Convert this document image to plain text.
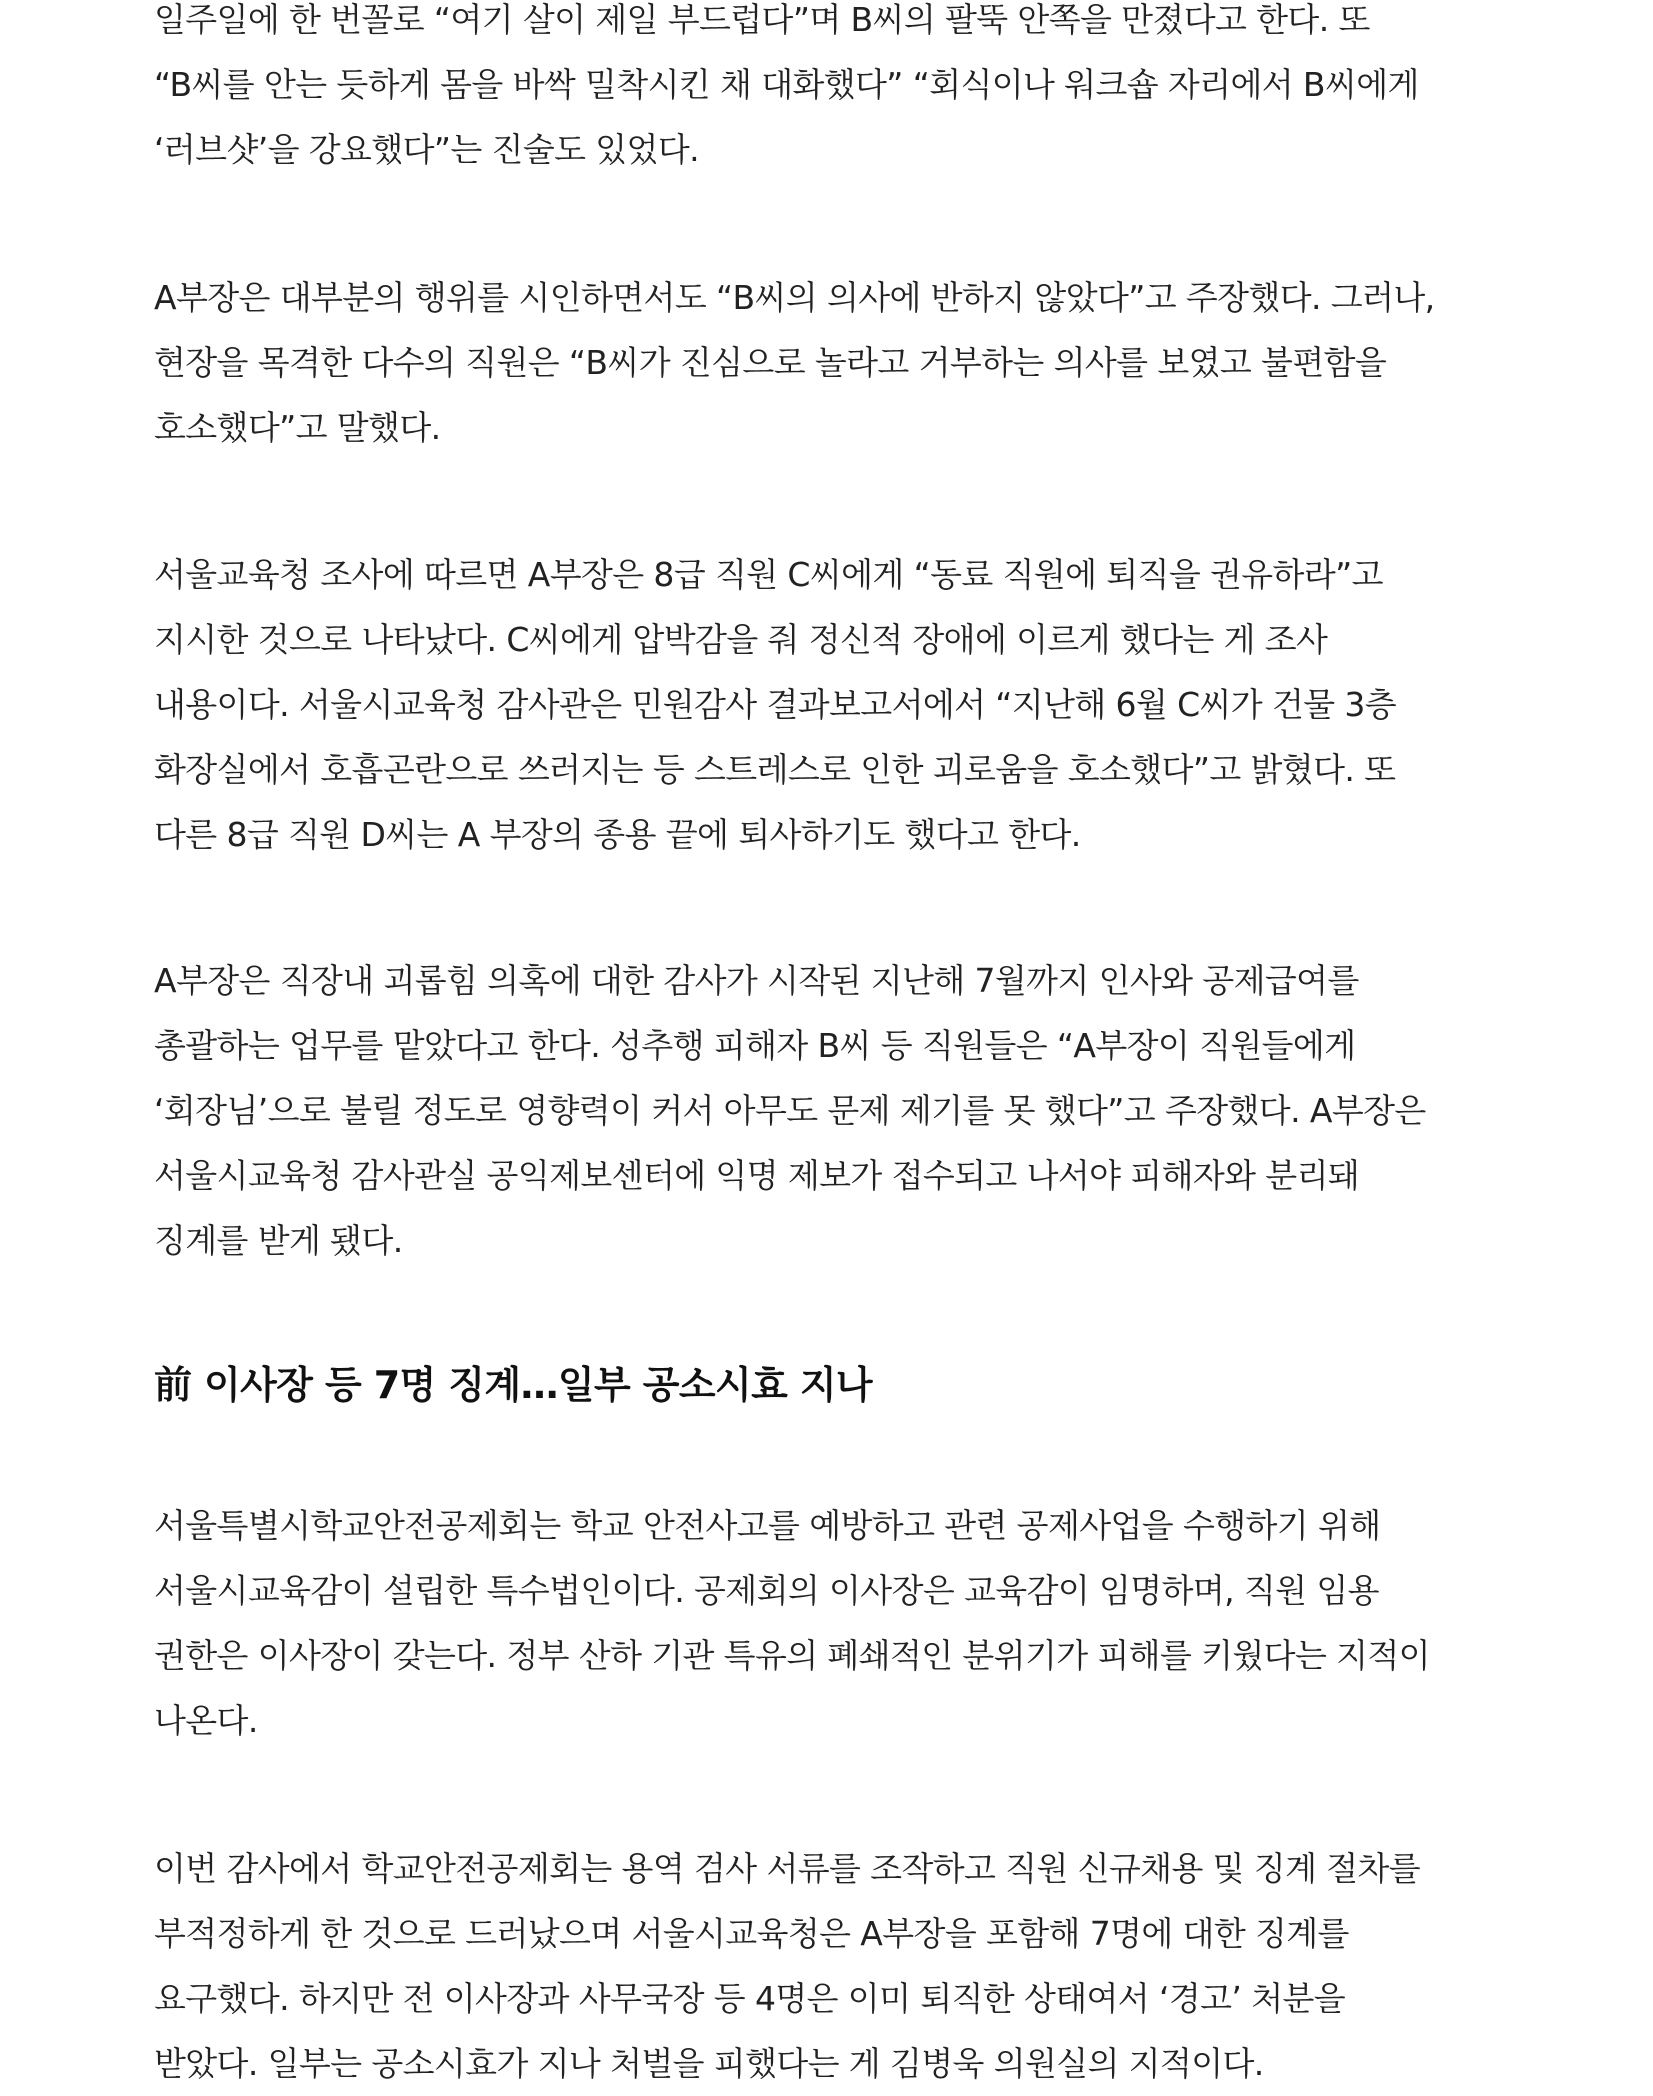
일주일에 한 번꼴로 “여기 살이 제일 부드럽다”며 B씨의 팔뚝 안쪽을 만졌다고 한다. 또
“B씨를 안는 듯하게 몸을 바싹 밀착시킨 채 대화했다” “회식이나 워크숍 자리에서 B씨에게
‘러브샷’을 강요했다”는 진술도 있었다.

A부장은 대부분의 행위를 시인하면서도 “B씨의 의사에 반하지 않았다”고 주장했다. 그러나,
현장을 목격한 다수의 직원은 “B씨가 진심으로 놀라고 거부하는 의사를 보였고 불편함을
호소했다”고 말했다.

서울교육청 조사에 따르면 A부장은 8급 직원 C씨에게 “동료 직원에 퇴직을 권유하라”고
지시한 것으로 나타났다. C씨에게 압박감을 줘 정신적 장애에 이르게 했다는 게 조사
내용이다. 서울시교육청 감사관은 민원감사 결과보고서에서 “지난해 6월 C씨가 건물 3층
화장실에서 호흡곤란으로 쓰러지는 등 스트레스로 인한 괴로움을 호소했다”고 밝혔다. 또
다른 8급 직원 D씨는 A 부장의 종용 끝에 퇴사하기도 했다고 한다.

A부장은 직장내 괴롭힘 의혹에 대한 감사가 시작된 지난해 7월까지 인사와 공제급여를
총괄하는 업무를 맡았다고 한다. 성추행 피해자 B씨 등 직원들은 “A부장이 직원들에게
‘회장님’으로 불릴 정도로 영향력이 커서 아무도 문제 제기를 못 했다”고 주장했다. A부장은
서울시교육청 감사관실 공익제보센터에 익명 제보가 접수되고 나서야 피해자와 분리돼
징계를 받게 됐다.

前 이사장 등 7명 징계…일부 공소시효 지나

서울특별시학교안전공제회는 학교 안전사고를 예방하고 관련 공제사업을 수행하기 위해
서울시교육감이 설립한 특수법인이다. 공제회의 이사장은 교육감이 임명하며, 직원 임용
권한은 이사장이 갖는다. 정부 산하 기관 특유의 폐쇄적인 분위기가 피해를 키웠다는 지적이
나온다.

이번 감사에서 학교안전공제회는 용역 검사 서류를 조작하고 직원 신규채용 및 징계 절차를
부적정하게 한 것으로 드러났으며 서울시교육청은 A부장을 포함해 7명에 대한 징계를
요구했다. 하지만 전 이사장과 사무국장 등 4명은 이미 퇴직한 상태여서 ‘경고’ 처분을
받았다. 일부는 공소시효가 지나 처벌을 피했다는 게 김병욱 의원실의 지적이다.
